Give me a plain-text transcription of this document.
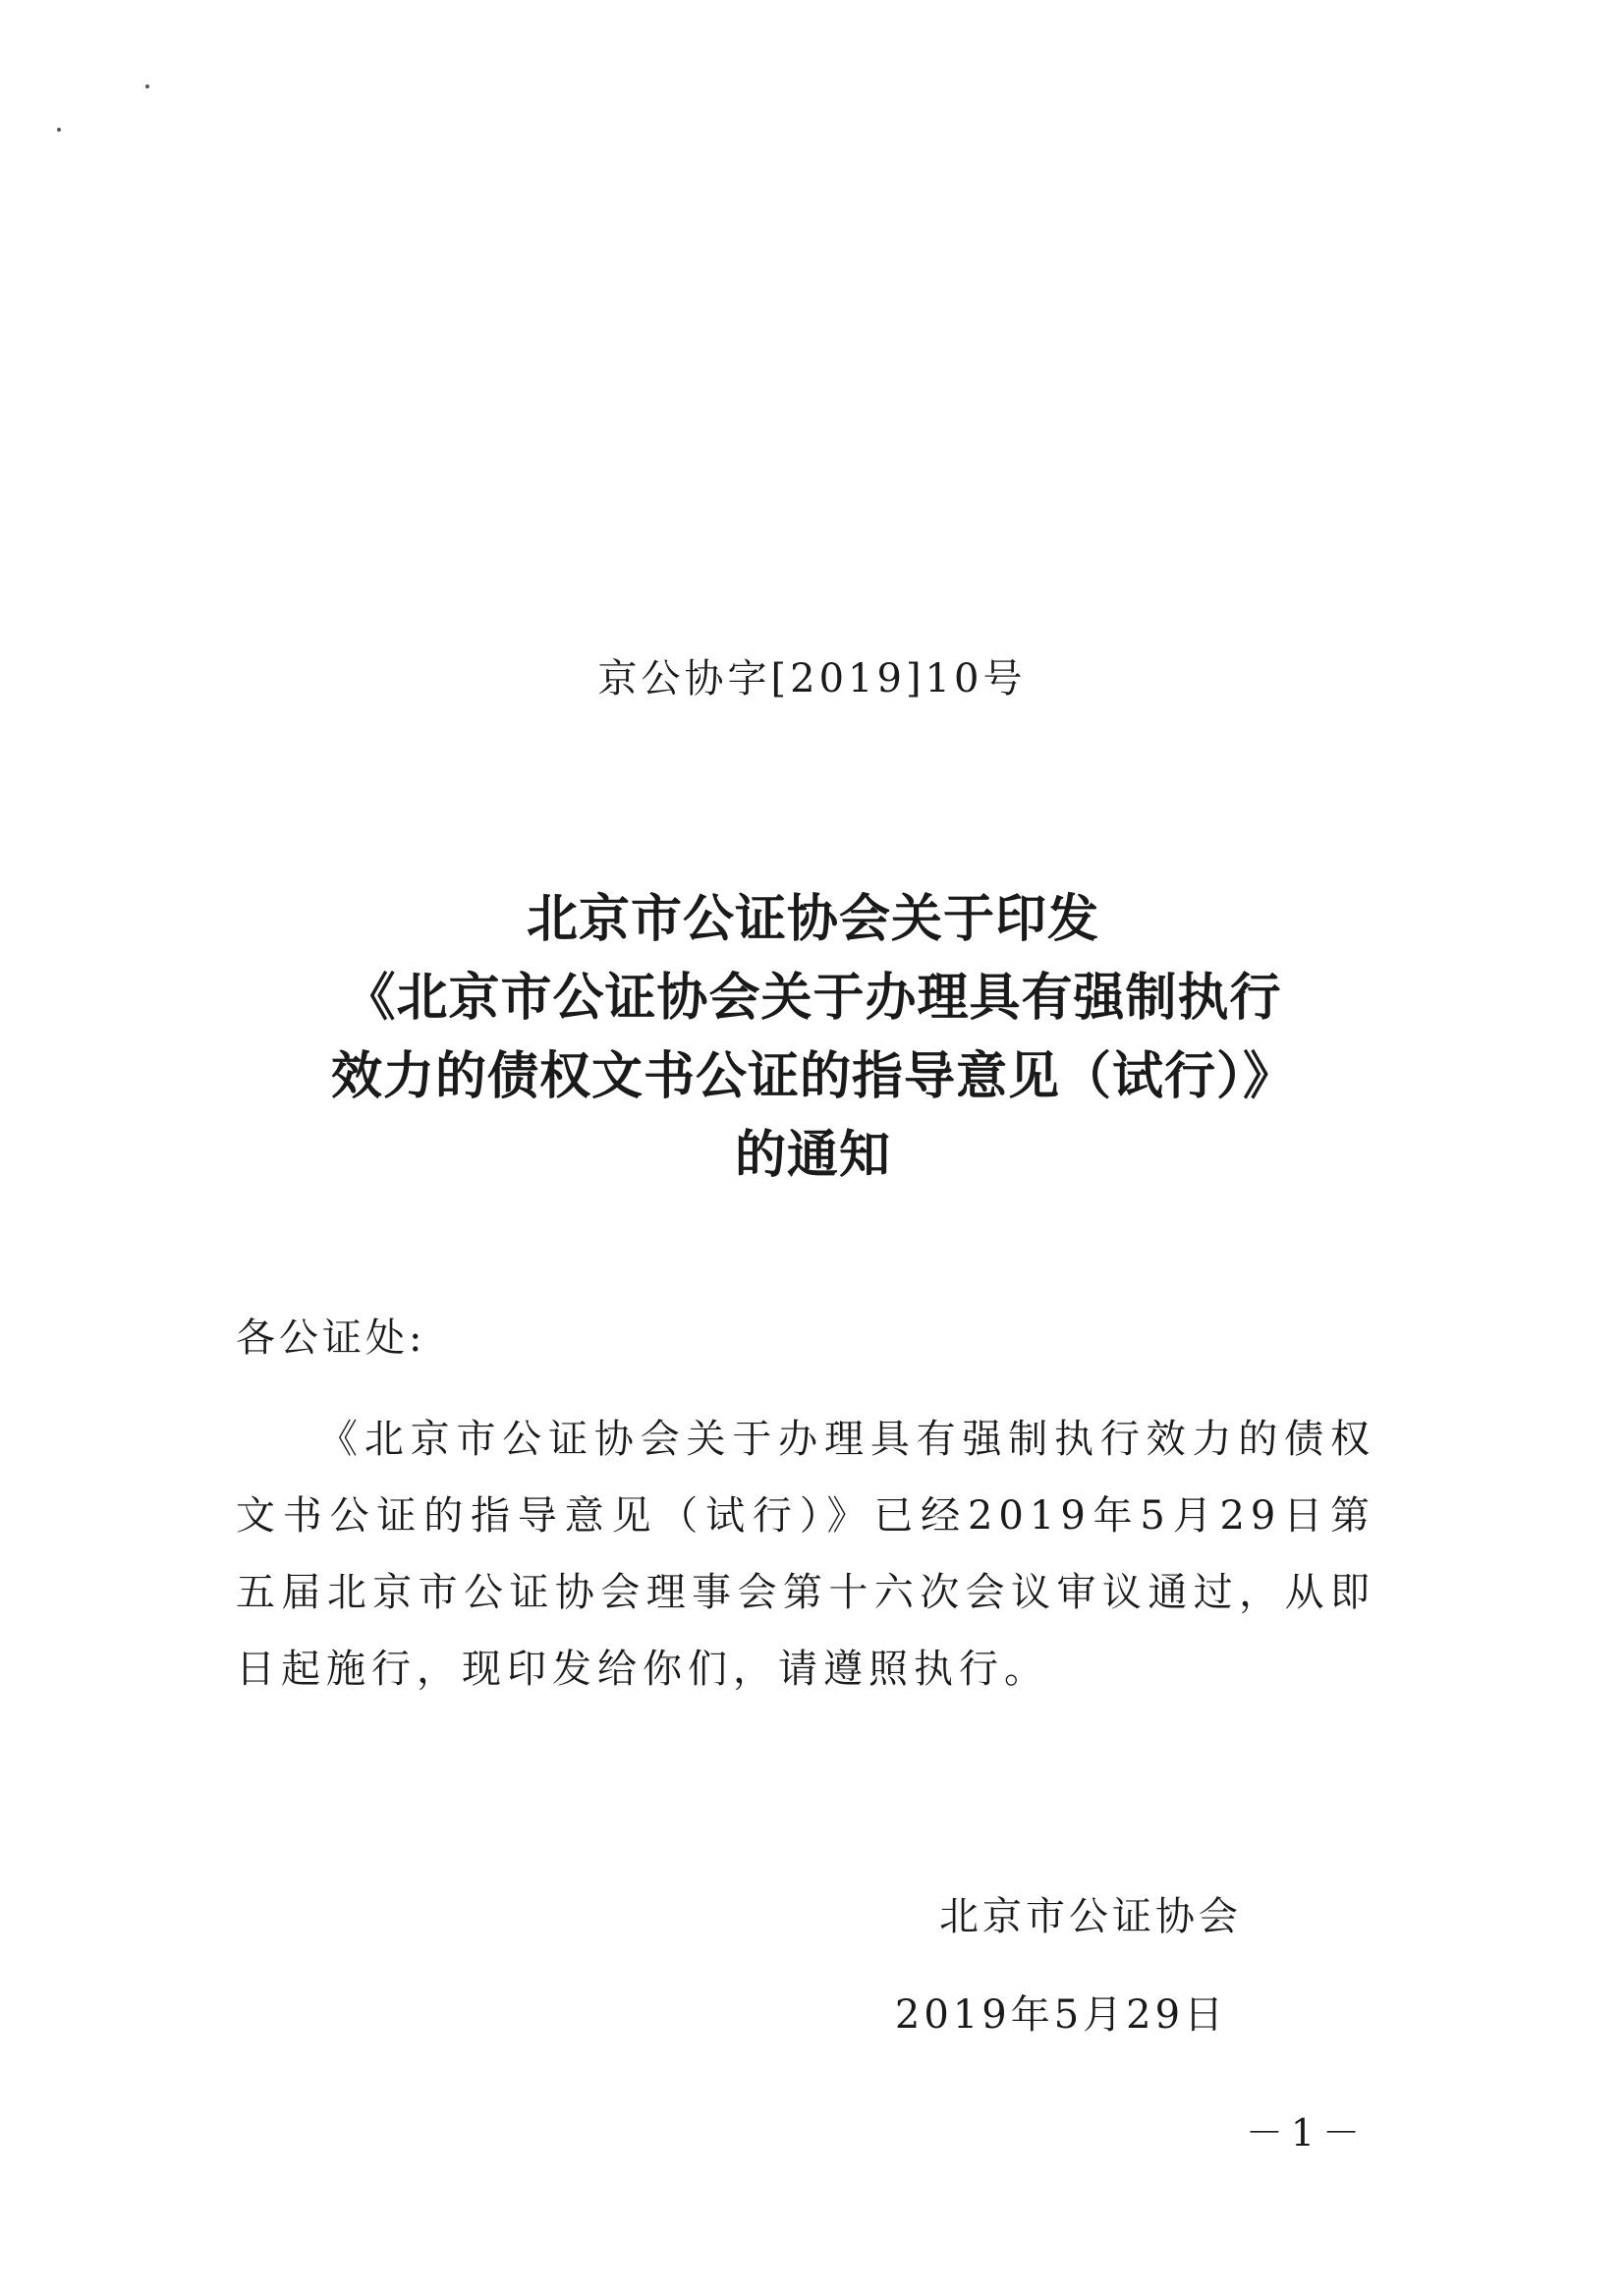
京公协字[2019]10号
北京市公证协会关于印发
《北京市公证协会关于办理具有强制执行
效力的债权文书公证的指导意见（试行）》
的通知
各公证处:
《北京市公证协会关于办理具有强制执行效力的债权文书公证的指导意见（试行）》已经2019年5月29日第五届北京市公证协会理事会第十六次会议审议通过，从即日起施行，现印发给你们，请遵照执行。
北京市公证协会
2019年5月29日
－1－
